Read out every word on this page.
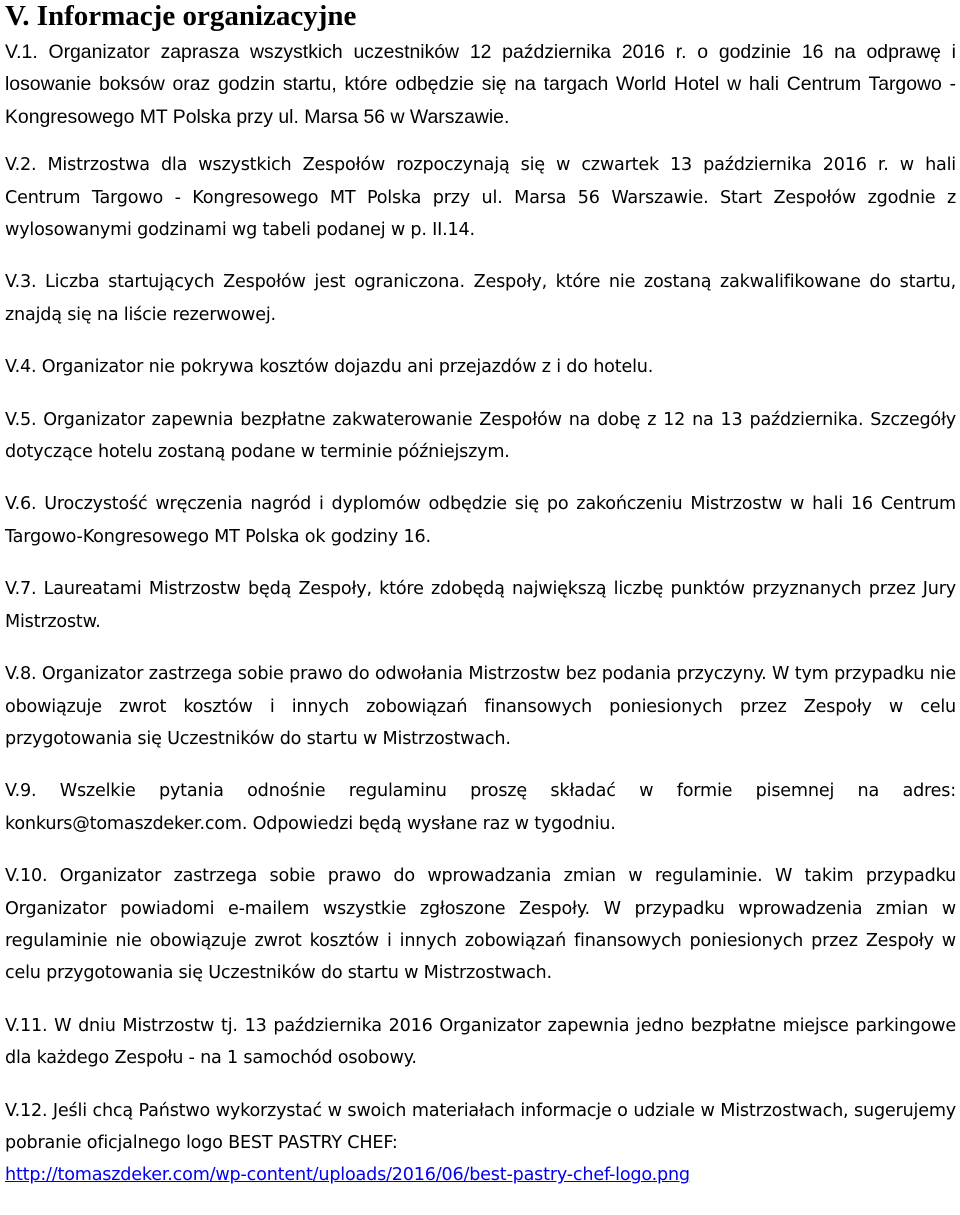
V. Informacje organizacyjne

V.1. Organizator zaprasza wszystkich uczestników 12 października 2016 r. o godzinie 16 na odprawę i losowanie boksów oraz godzin startu, które odbędzie się na targach World Hotel w hali Centrum Targowo - Kongresowego MT Polska przy ul. Marsa 56 w Warszawie.

V.2. Mistrzostwa dla wszystkich Zespołów rozpoczynają się w czwartek 13 października 2016 r. w hali Centrum Targowo - Kongresowego MT Polska przy ul. Marsa 56 Warszawie. Start Zespołów zgodnie z wylosowanymi godzinami wg tabeli podanej w p. II.14.

V.3. Liczba startujących Zespołów jest ograniczona. Zespoły, które nie zostaną zakwalifikowane do startu, znajdą się na liście rezerwowej.

V.4. Organizator nie pokrywa kosztów dojazdu ani przejazdów z i do hotelu.

V.5. Organizator zapewnia bezpłatne zakwaterowanie Zespołów na dobę z 12 na 13 października. Szczegóły dotyczące hotelu zostaną podane w terminie późniejszym.

V.6. Uroczystość wręczenia nagród i dyplomów odbędzie się po zakończeniu Mistrzostw w hali 16 Centrum Targowo-Kongresowego MT Polska ok godziny 16.

V.7. Laureatami Mistrzostw będą Zespoły, które zdobędą największą liczbę punktów przyznanych przez Jury Mistrzostw.

V.8. Organizator zastrzega sobie prawo do odwołania Mistrzostw bez podania przyczyny. W tym przypadku nie obowiązuje zwrot kosztów i innych zobowiązań finansowych poniesionych przez Zespoły w celu przygotowania się Uczestników do startu w Mistrzostwach.

V.9. Wszelkie pytania odnośnie regulaminu proszę składać w formie pisemnej na adres: konkurs@tomaszdeker.com. Odpowiedzi będą wysłane raz w tygodniu.

V.10. Organizator zastrzega sobie prawo do wprowadzania zmian w regulaminie. W takim przypadku Organizator powiadomi e-mailem wszystkie zgłoszone Zespoły. W przypadku wprowadzenia zmian w regulaminie nie obowiązuje zwrot kosztów i innych zobowiązań finansowych poniesionych przez Zespoły w celu przygotowania się Uczestników do startu w Mistrzostwach.

V.11. W dniu Mistrzostw tj. 13 października 2016 Organizator zapewnia jedno bezpłatne miejsce parkingowe dla każdego Zespołu - na 1 samochód osobowy.

V.12. Jeśli chcą Państwo wykorzystać w swoich materiałach informacje o udziale w Mistrzostwach, sugerujemy pobranie oficjalnego logo BEST PASTRY CHEF:
http://tomaszdeker.com/wp-content/uploads/2016/06/best-pastry-chef-logo.png
